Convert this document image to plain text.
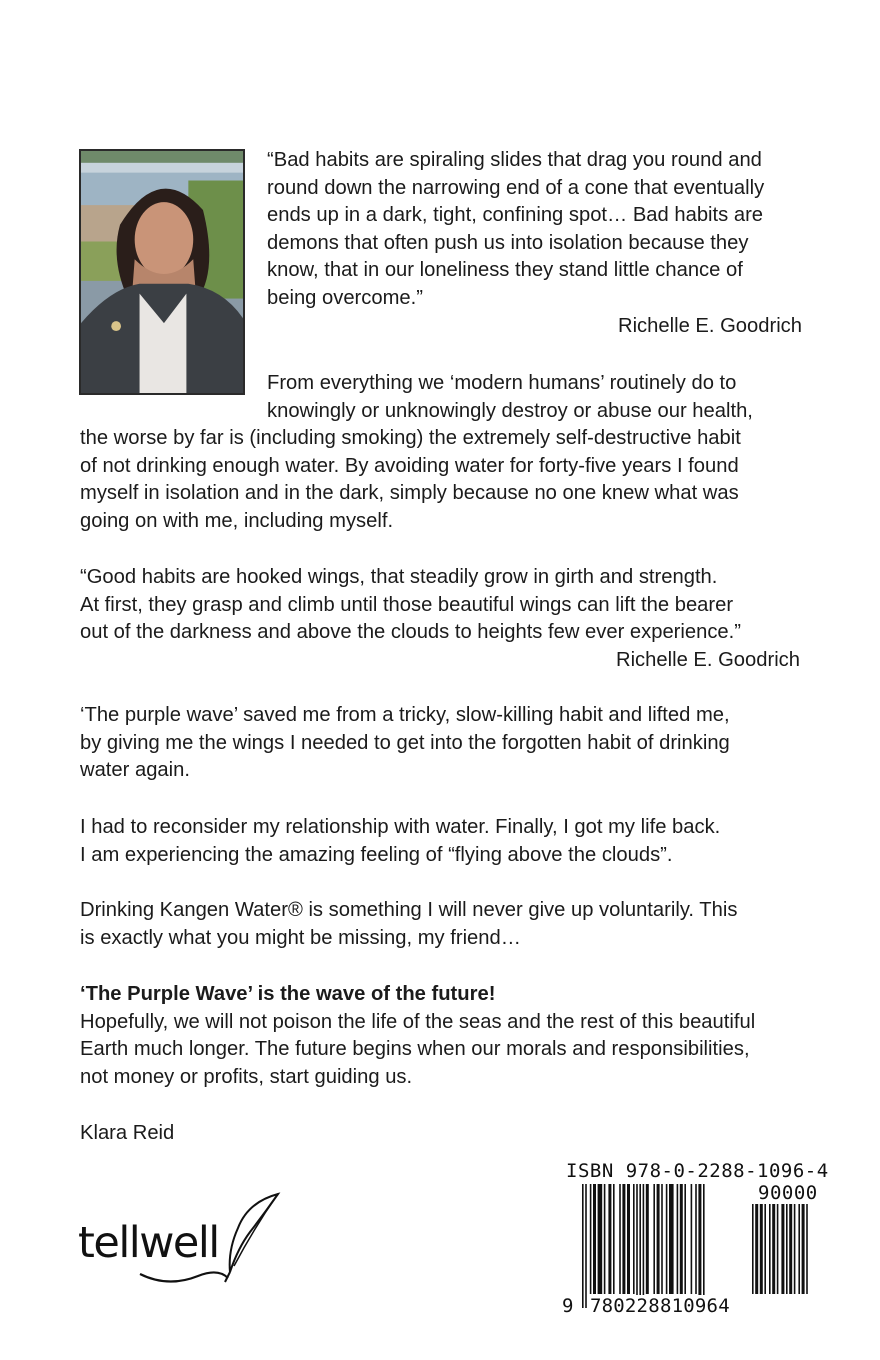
“Bad habits are spiraling slides that drag you round and
round down the narrowing end of a cone that eventually
ends up in a dark, tight, confining spot… Bad habits are
demons that often push us into isolation because they
know, that in our loneliness they stand little chance of
being overcome.”
Richelle E. Goodrich
From everything we ‘modern humans’ routinely do to
knowingly or unknowingly destroy or abuse our health,
the worse by far is (including smoking) the extremely self-destructive habit
of not drinking enough water. By avoiding water for forty-five years I found
myself in isolation and in the dark, simply because no one knew what was
going on with me, including myself.
“Good habits are hooked wings, that steadily grow in girth and strength.
At first, they grasp and climb until those beautiful wings can lift the bearer
out of the darkness and above the clouds to heights few ever experience.”
Richelle E. Goodrich
‘The purple wave’ saved me from a tricky, slow-killing habit and lifted me,
by giving me the wings I needed to get into the forgotten habit of drinking
water again.
I had to reconsider my relationship with water. Finally, I got my life back.
I am experiencing the amazing feeling of “flying above the clouds”.
Drinking Kangen Water® is something I will never give up voluntarily. This
is exactly what you might be missing, my friend…
‘The Purple Wave’ is the wave of the future!
Hopefully, we will not poison the life of the seas and the rest of this beautiful
Earth much longer. The future begins when our morals and responsibilities,
not money or profits, start guiding us.
Klara Reid
tellwell
ISBN 978-0-2288-1096-4
90000
9 780228 810964
